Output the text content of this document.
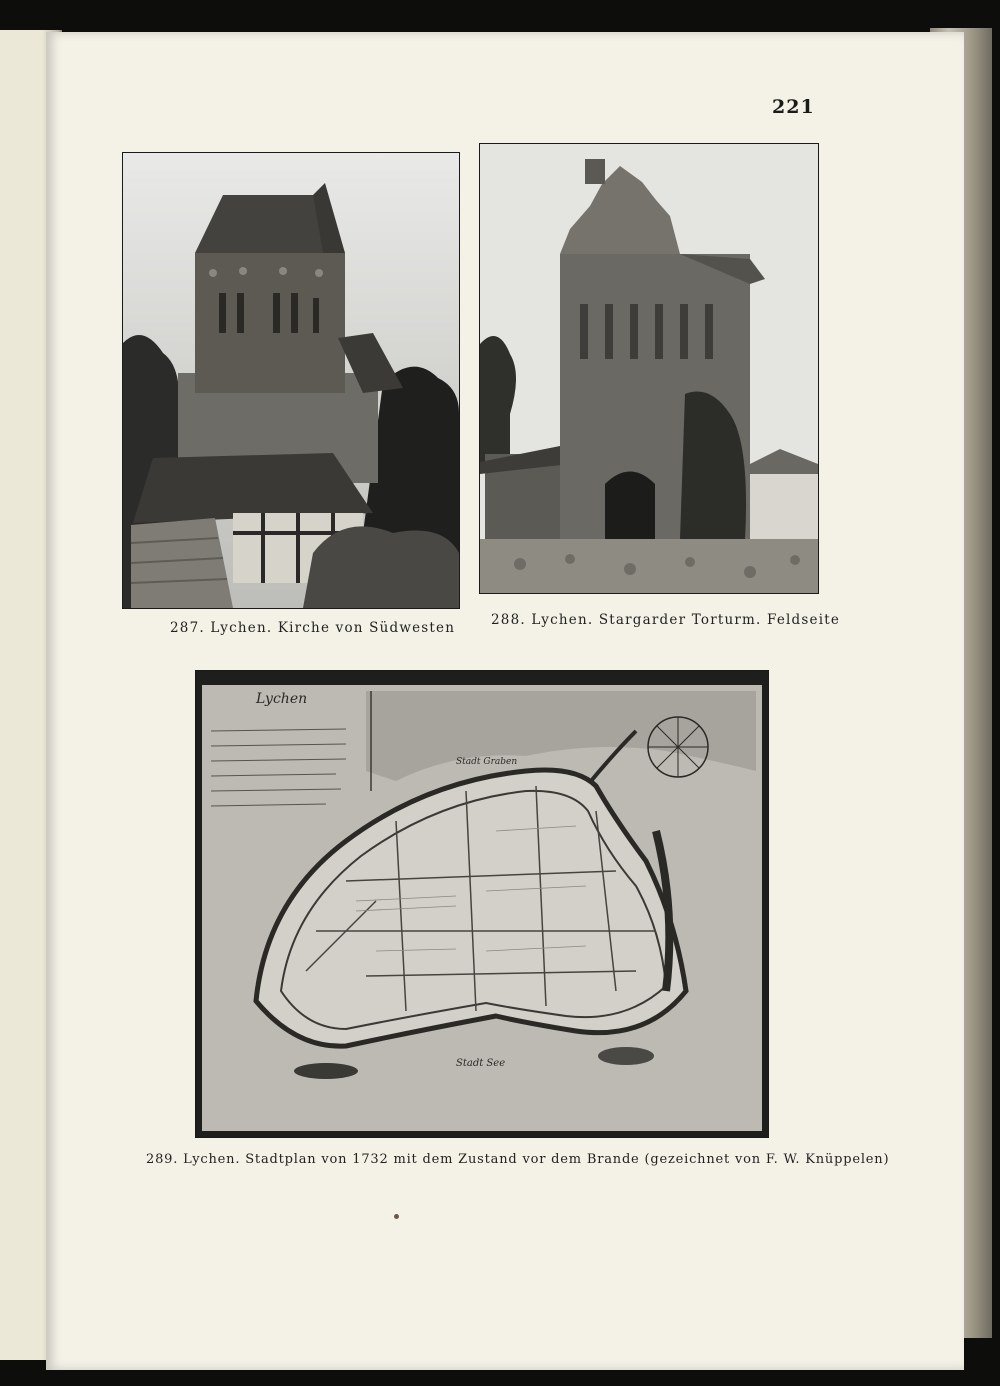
221
287. Lychen. Kirche von Südwesten	288. Lychen. Stargarder Torturm. Feldseite
Lychen
Stadt Graben
Stadt See
289. Lychen. Stadtplan von 1732 mit dem Zustand vor dem Brande (gezeichnet von F. W. Knüppelen)
